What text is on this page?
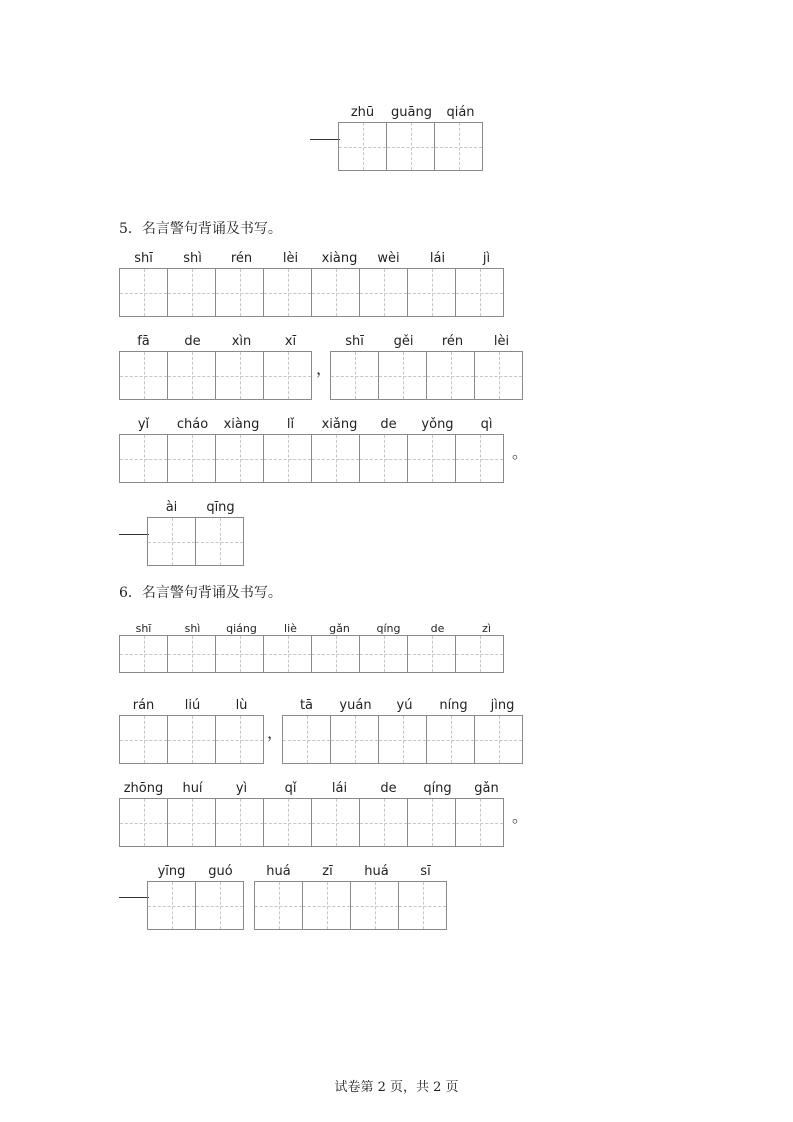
zhū	guāng	qián
5．名言警句背诵及书写。
shī	shì	rén	lèi	xiàng	wèi	lái	jì
fā	de	xìn	xī
，
shī	gěi	rén	lèi
yǐ	cháo	xiàng	lǐ	xiǎng	de	yǒng	qì
。
ài	qīng
6．名言警句背诵及书写。
shī	shì	qiáng	liè	gǎn	qíng	de	zì
rán	liú	lù
，
tā	yuán	yú	níng	jìng
zhōng	huí	yì	qǐ	lái	de	qíng	gǎn
。
yīng	guó	huá	zī	huá	sī
试卷第 2 页，共 2 页
